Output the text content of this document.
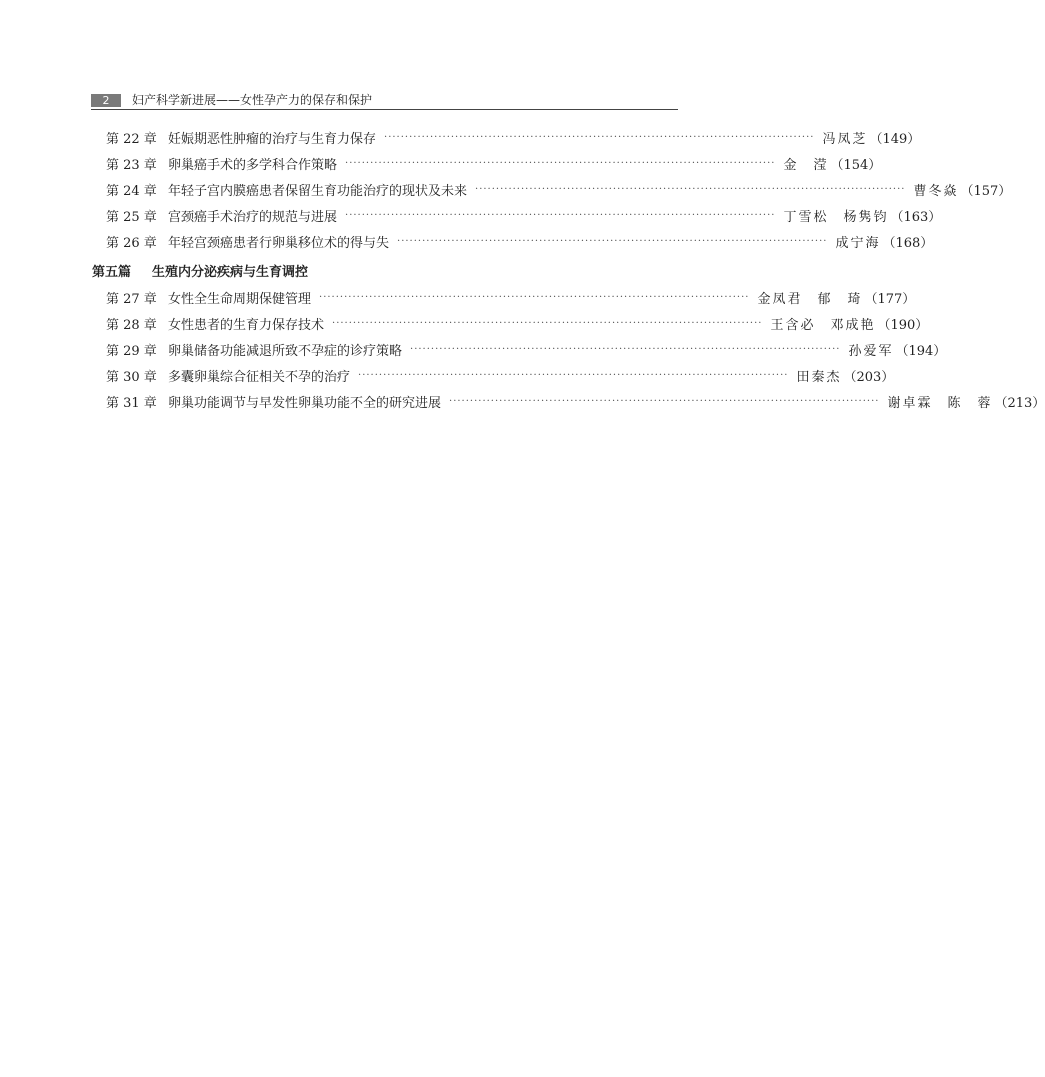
2	妇产科学新进展——女性孕产力的保存和保护
第 22 章 妊娠期恶性肿瘤的治疗与生育力保存 ······································································································· 冯凤芝 （149）
第 23 章 卵巢癌手术的多学科合作策略 ······································································································· 金　滢 （154）
第 24 章 年轻子宫内膜癌患者保留生育功能治疗的现状及未来 ······································································································· 曹冬焱 （157）
第 25 章 宫颈癌手术治疗的规范与进展 ······································································································· 丁雪松　杨隽钧 （163）
第 26 章 年轻宫颈癌患者行卵巢移位术的得与失 ······································································································· 成宁海 （168）
第五篇	生殖内分泌疾病与生育调控
第 27 章 女性全生命周期保健管理 ······································································································· 金凤君　郁　琦 （177）
第 28 章 女性患者的生育力保存技术 ······································································································· 王含必　邓成艳 （190）
第 29 章 卵巢储备功能减退所致不孕症的诊疗策略 ······································································································· 孙爱军 （194）
第 30 章 多囊卵巢综合征相关不孕的治疗 ······································································································· 田秦杰 （203）
第 31 章 卵巢功能调节与早发性卵巢功能不全的研究进展 ······································································································· 谢卓霖　陈　蓉 （213）
